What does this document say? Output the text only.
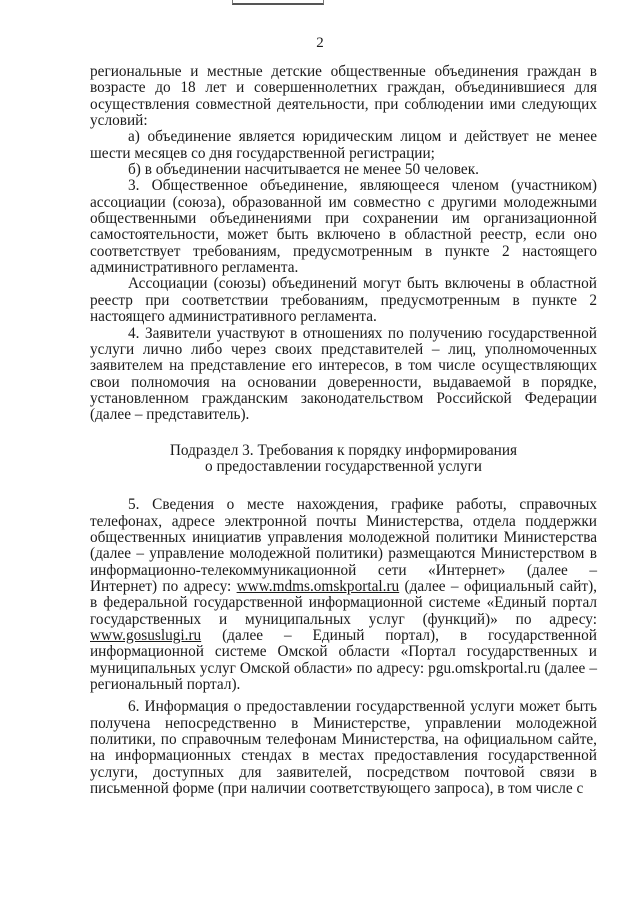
2

региональные и местные детские общественные объединения граждан в возрасте до 18 лет и совершеннолетних граждан, объединившиеся для осуществления совместной деятельности, при соблюдении ими следующих условий:

а) объединение является юридическим лицом и действует не менее шести месяцев со дня государственной регистрации;

б) в объединении насчитывается не менее 50 человек.

3. Общественное объединение, являющееся членом (участником) ассоциации (союза), образованной им совместно с другими молодежными общественными объединениями при сохранении им организационной самостоятельности, может быть включено в областной реестр, если оно соответствует требованиям, предусмотренным в пункте 2 настоящего административного регламента.

Ассоциации (союзы) объединений могут быть включены в областной реестр при соответствии требованиям, предусмотренным в пункте 2 настоящего административного регламента.

4. Заявители участвуют в отношениях по получению государственной услуги лично либо через своих представителей – лиц, уполномоченных заявителем на представление его интересов, в том числе осуществляющих свои полномочия на основании доверенности, выдаваемой в порядке, установленном гражданским законодательством Российской Федерации (далее – представитель).

Подраздел 3. Требования к порядку информирования
о предоставлении государственной услуги

5. Сведения о месте нахождения, графике работы, справочных телефонах, адресе электронной почты Министерства, отдела поддержки общественных инициатив управления молодежной политики Министерства (далее – управление молодежной политики) размещаются Министерством в информационно-телекоммуникационной сети «Интернет» (далее – Интернет) по адресу: www.mdms.omskportal.ru (далее – официальный сайт), в федеральной государственной информационной системе «Единый портал государственных и муниципальных услуг (функций)» по адресу: www.gosuslugi.ru (далее – Единый портал), в государственной информационной системе Омской области «Портал государственных и муниципальных услуг Омской области» по адресу: pgu.omskportal.ru (далее – региональный портал).

6. Информация о предоставлении государственной услуги может быть получена непосредственно в Министерстве, управлении молодежной политики, по справочным телефонам Министерства, на официальном сайте, на информационных стендах в местах предоставления государственной услуги, доступных для заявителей, посредством почтовой связи в письменной форме (при наличии соответствующего запроса), в том числе с
